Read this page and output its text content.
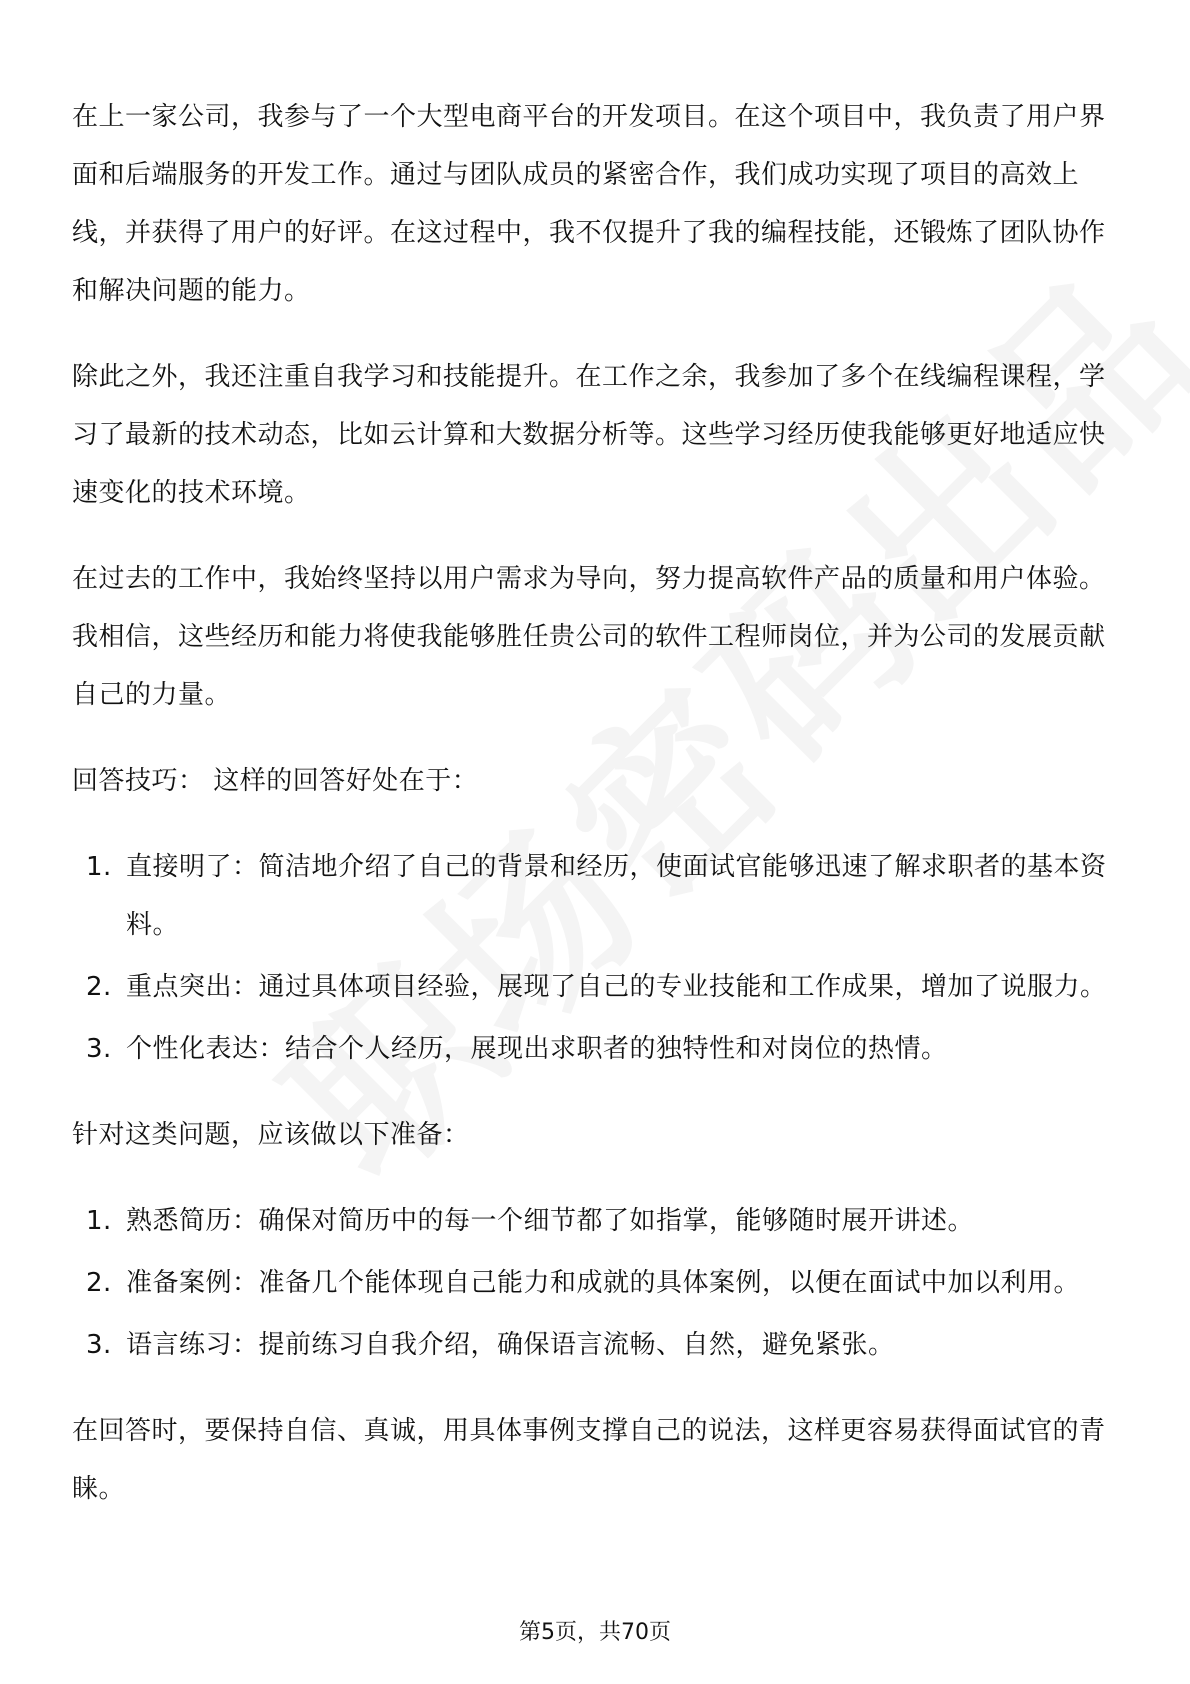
在上一家公司，我参与了一个大型电商平台的开发项目。在这个项目中，我负责了用户界面和后端服务的开发工作。通过与团队成员的紧密合作，我们成功实现了项目的高效上线，并获得了用户的好评。在这过程中，我不仅提升了我的编程技能，还锻炼了团队协作和解决问题的能力。

除此之外，我还注重自我学习和技能提升。在工作之余，我参加了多个在线编程课程，学习了最新的技术动态，比如云计算和大数据分析等。这些学习经历使我能够更好地适应快速变化的技术环境。

在过去的工作中，我始终坚持以用户需求为导向，努力提高软件产品的质量和用户体验。我相信，这些经历和能力将使我能够胜任贵公司的软件工程师岗位，并为公司的发展贡献自己的力量。

回答技巧： 这样的回答好处在于：

1. 直接明了：简洁地介绍了自己的背景和经历，使面试官能够迅速了解求职者的基本资料。
2. 重点突出：通过具体项目经验，展现了自己的专业技能和工作成果，增加了说服力。
3. 个性化表达：结合个人经历，展现出求职者的独特性和对岗位的热情。

针对这类问题，应该做以下准备：

1. 熟悉简历：确保对简历中的每一个细节都了如指掌，能够随时展开讲述。
2. 准备案例：准备几个能体现自己能力和成就的具体案例，以便在面试中加以利用。
3. 语言练习：提前练习自我介绍，确保语言流畅、自然，避免紧张。

在回答时，要保持自信、真诚，用具体事例支撑自己的说法，这样更容易获得面试官的青睐。

第5页，共70页
